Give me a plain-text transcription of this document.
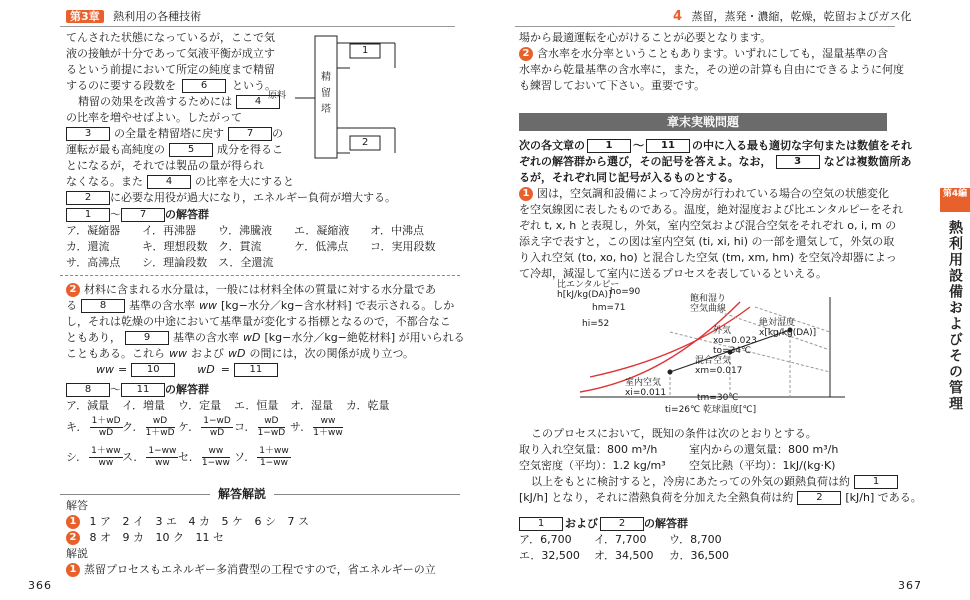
第3章 熱利用の各種技術
てんされた状態になっているが，ここで気
液の接触が十分であって気液平衡が成立す
るという前提において所定の純度まで精留
するのに要する段数を 6 という。
精留の効果を改善するためには 4
の比率を増やせばよい。したがって
3 の全量を精留塔に戻す 7 の
運転が最も高純度の 5 成分を得るこ
とになるが，それでは製品の量が得られ
なくなる。また 4 の比率を大にすると
2 に必要な用役が過大になり，エネルギー負荷が増大する。
原料
精
留
塔
1
2
1 ～ 7 の解答群
ア．凝縮器 イ．再沸器 ウ．沸騰液 エ．凝縮液 オ．中沸点
カ．還流	キ．理想段数 ク．貫流	ケ．低沸点 コ．実用段数
サ．高沸点 シ．理論段数 ス．全還流
2 材料に含まれる水分量は，一般には材料全体の質量に対する水分量であ
る 8 基準の含水率 ww [kg−水分／kg−含水材料] で表示される。しか
し，それは乾燥の中途において基準量が変化する指標となるので，不都合なこ
ともあり， 9 基準の含水率 wD [kg−水分／kg−絶乾材料] が用いられる
こともある。これら ww および wD の間には，次の関係が成り立つ。
ww = 10	wD = 11
8 ～ 11 の解答群
ア．減量 イ．増量 ウ．定量 エ．恒量 オ．湿量 カ．乾量
キ． $\frac{1+wD}{wD}$ク． $\frac{wD}{1+wD}$ ケ． $\frac{1-wD}{wD}$コ． $\frac{wD}{1-wD}$ サ． $\frac{ww}{1+ww}$
シ． $\frac{1+ww}{ww}$ス． $\frac{1-ww}{ww}$セ． $\frac{ww}{1-ww}$ ソ． $\frac{1+ww}{1-ww}$
解答解説
解答
1 1 ア 2 イ 3 エ 4 カ 5 ケ 6 シ 7 ス
2 8 オ 9 カ 10 ク 11 セ
解説
1 蒸留プロセスもエネルギー多消費型の工程ですので，省エネルギーの立
366
4 蒸留，蒸発・濃縮，乾燥，乾留およびガス化
場から最適運転を心がけることが必要となります。
2 含水率を水分率ということもあります。いずれにしても，湿量基準の含
水率から乾量基準の含水率に，また，その逆の計算も自由にできるように何度
も練習しておいて下さい。重要です。
章末実戦問題
次の各文章の 1 ～ 11 の中に入る最も適切な字句または数値をそれ
ぞれの解答群から選び，その記号を答えよ。なお， 3 などは複数箇所あ
るが，それぞれ同じ記号が入るものとする。
1 図は，空気調和設備によって冷房が行われている場合の空気の状態変化
を空気線図に表したものである。温度，絶対湿度および比エンタルピーをそれ
ぞれ t, x, h と表現し，外気，室内空気および混合空気をそれぞれ o, i, m の
添え字で表すと，この図は室内空気 (ti, xi, hi) の一部を還気して，外気の取
り入れ空気 (to, xo, ho) と混合した空気 (tm, xm, hm) を空気冷却器によっ
て冷却，減湿して室内に送るプロセスを表しているといえる。
比エンタルピー
h[kJ/kg(DA)]
ho=90
hm=71
hi=52
飽和湿り
空気曲線
絶対湿度
x[kg/kg(DA)]
外気
xo=0.023
to=34℃
混合空気
xm=0.017
室内空気
xi=0.011	tm=30℃
ti=26℃ 乾球温度[℃]
このプロセスにおいて，既知の条件は次のとおりとする。
取り入れ空気量：800 m³/h	室内からの還気量：800 m³/h
空気密度（平均）：1.2 kg/m³ 空気比熱（平均）：1kJ/(kg·K)
以上をもとに検討すると，冷房にあたっての外気の顕熱負荷は約 1
[kJ/h] となり，それに潜熱負荷を分加えた全熱負荷は約 2 [kJ/h] である。
1 および 2 の解答群
ア．6,700 イ．7,700 ウ．8,700
エ．32,500 オ．34,500 カ．36,500
367
第4編
熱利用設備およびその管理
